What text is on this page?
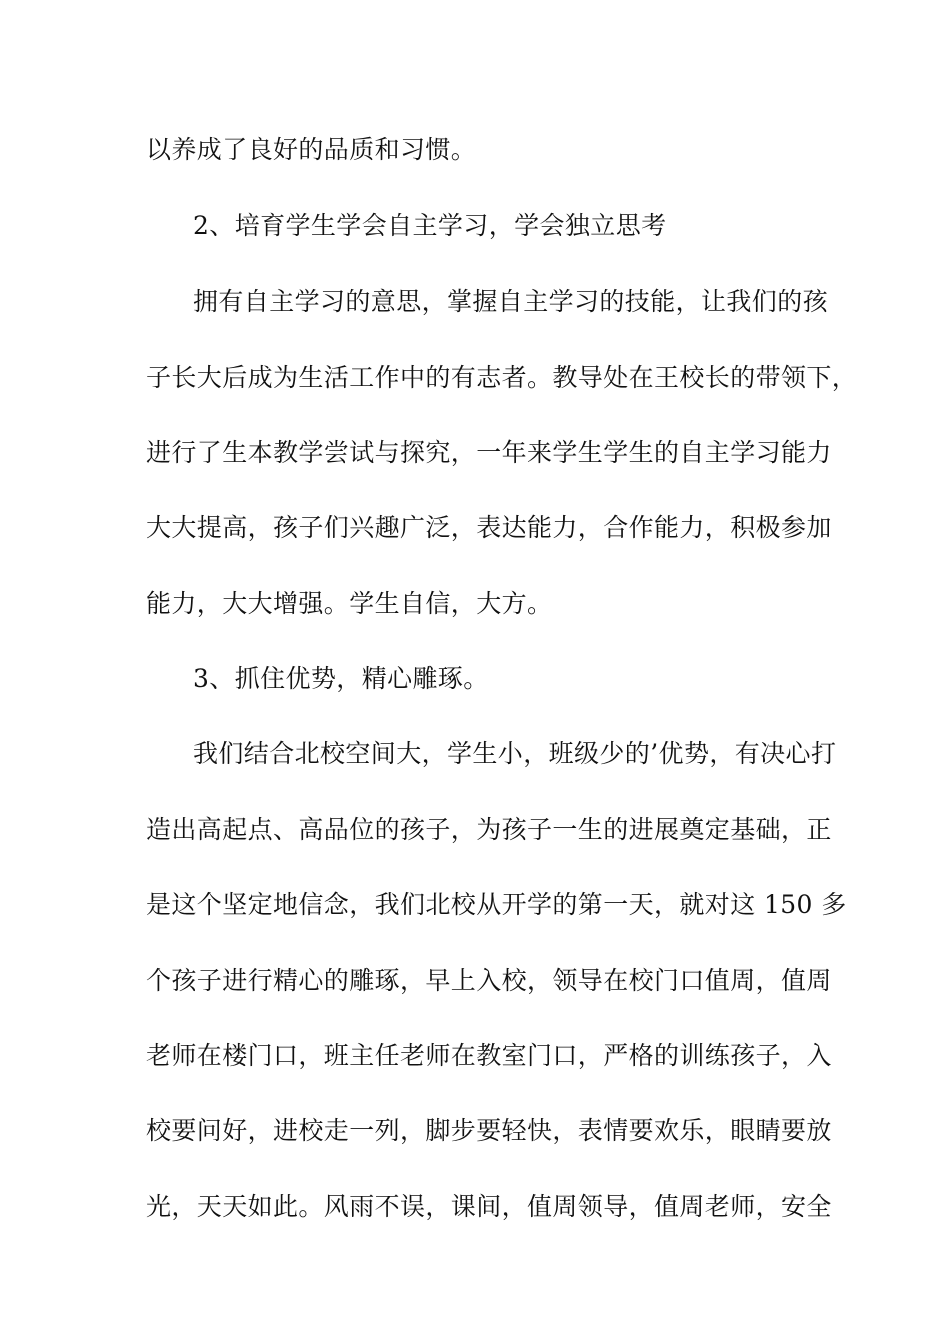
以养成了良好的品质和习惯。
2、培育学生学会自主学习，学会独立思考
拥有自主学习的意思，掌握自主学习的技能，让我们的孩
子长大后成为生活工作中的有志者。教导处在王校长的带领下，
进行了生本教学尝试与探究，一年来学生学生的自主学习能力
大大提高，孩子们兴趣广泛，表达能力，合作能力，积极参加
能力，大大增强。学生自信，大方。
3、抓住优势，精心雕琢。
我们结合北校空间大，学生小，班级少的’优势，有决心打
造出高起点、高品位的孩子，为孩子一生的进展奠定基础，正
是这个坚定地信念，我们北校从开学的第一天，就对这 150 多
个孩子进行精心的雕琢，早上入校，领导在校门口值周，值周
老师在楼门口，班主任老师在教室门口，严格的训练孩子，入
校要问好，进校走一列，脚步要轻快，表情要欢乐，眼睛要放
光，天天如此。风雨不误，课间，值周领导，值周老师，安全
